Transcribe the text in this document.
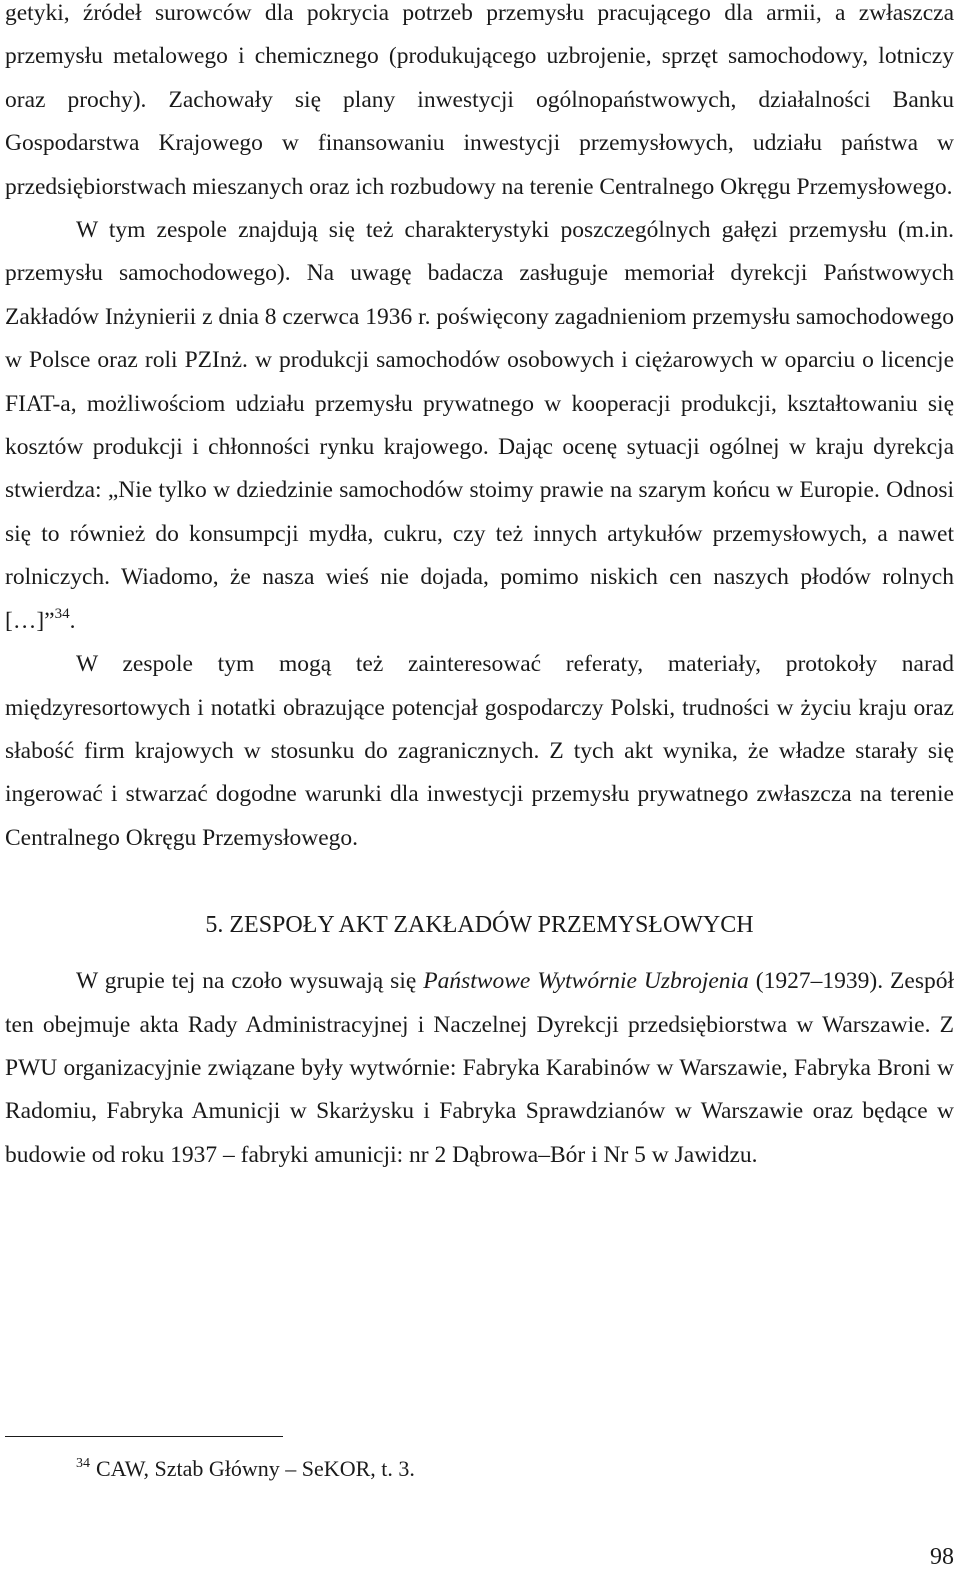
getyki, źródeł surowców dla pokrycia potrzeb przemysłu pracującego dla armii, a zwłaszcza przemysłu metalowego i chemicznego (produkującego uzbrojenie, sprzęt samochodowy, lotniczy oraz prochy). Zachowały się plany inwestycji ogólnopaństwowych, działalności Banku Gospodarstwa Krajowego w finansowaniu inwestycji przemysłowych, udziału państwa w przedsiębiorstwach mieszanych oraz ich rozbudowy na terenie Centralnego Okręgu Przemysłowego.

W tym zespole znajdują się też charakterystyki poszczególnych gałęzi przemysłu (m.in. przemysłu samochodowego). Na uwagę badacza zasługuje memoriał dyrekcji Państwowych Zakładów Inżynierii z dnia 8 czerwca 1936 r. poświęcony zagadnieniom przemysłu samochodowego w Polsce oraz roli PZInż. w produkcji samochodów osobowych i ciężarowych w oparciu o licencje FIAT-a, możliwościom udziału przemysłu prywatnego w kooperacji produkcji, kształtowaniu się kosztów produkcji i chłonności rynku krajowego. Dając ocenę sytuacji ogólnej w kraju dyrekcja stwierdza: „Nie tylko w dziedzinie samochodów stoimy prawie na szarym końcu w Europie. Odnosi się to również do konsumpcji mydła, cukru, czy też innych artykułów przemysłowych, a nawet rolniczych. Wiadomo, że nasza wieś nie dojada, pomimo niskich cen naszych płodów rolnych […]”$^{34}$.

W zespole tym mogą też zainteresować referaty, materiały, protokoły narad międzyresortowych i notatki obrazujące potencjał gospodarczy Polski, trudności w życiu kraju oraz słabość firm krajowych w stosunku do zagranicznych. Z tych akt wynika, że władze starały się ingerować i stwarzać dogodne warunki dla inwestycji przemysłu prywatnego zwłaszcza na terenie Centralnego Okręgu Przemysłowego.

5. ZESPOŁY AKT ZAKŁADÓW PRZEMYSŁOWYCH

W grupie tej na czoło wysuwają się Państwowe Wytwórnie Uzbrojenia (1927–1939). Zespół ten obejmuje akta Rady Administracyjnej i Naczelnej Dyrekcji przedsiębiorstwa w Warszawie. Z PWU organizacyjnie związane były wytwórnie: Fabryka Karabinów w Warszawie, Fabryka Broni w Radomiu, Fabryka Amunicji w Skarżysku i Fabryka Sprawdzianów w Warszawie oraz będące w budowie od roku 1937 – fabryki amunicji: nr 2 Dąbrowa–Bór i Nr 5 w Jawidzu.

$^{34}$ CAW, Sztab Główny – SeKOR, t. 3.

98
